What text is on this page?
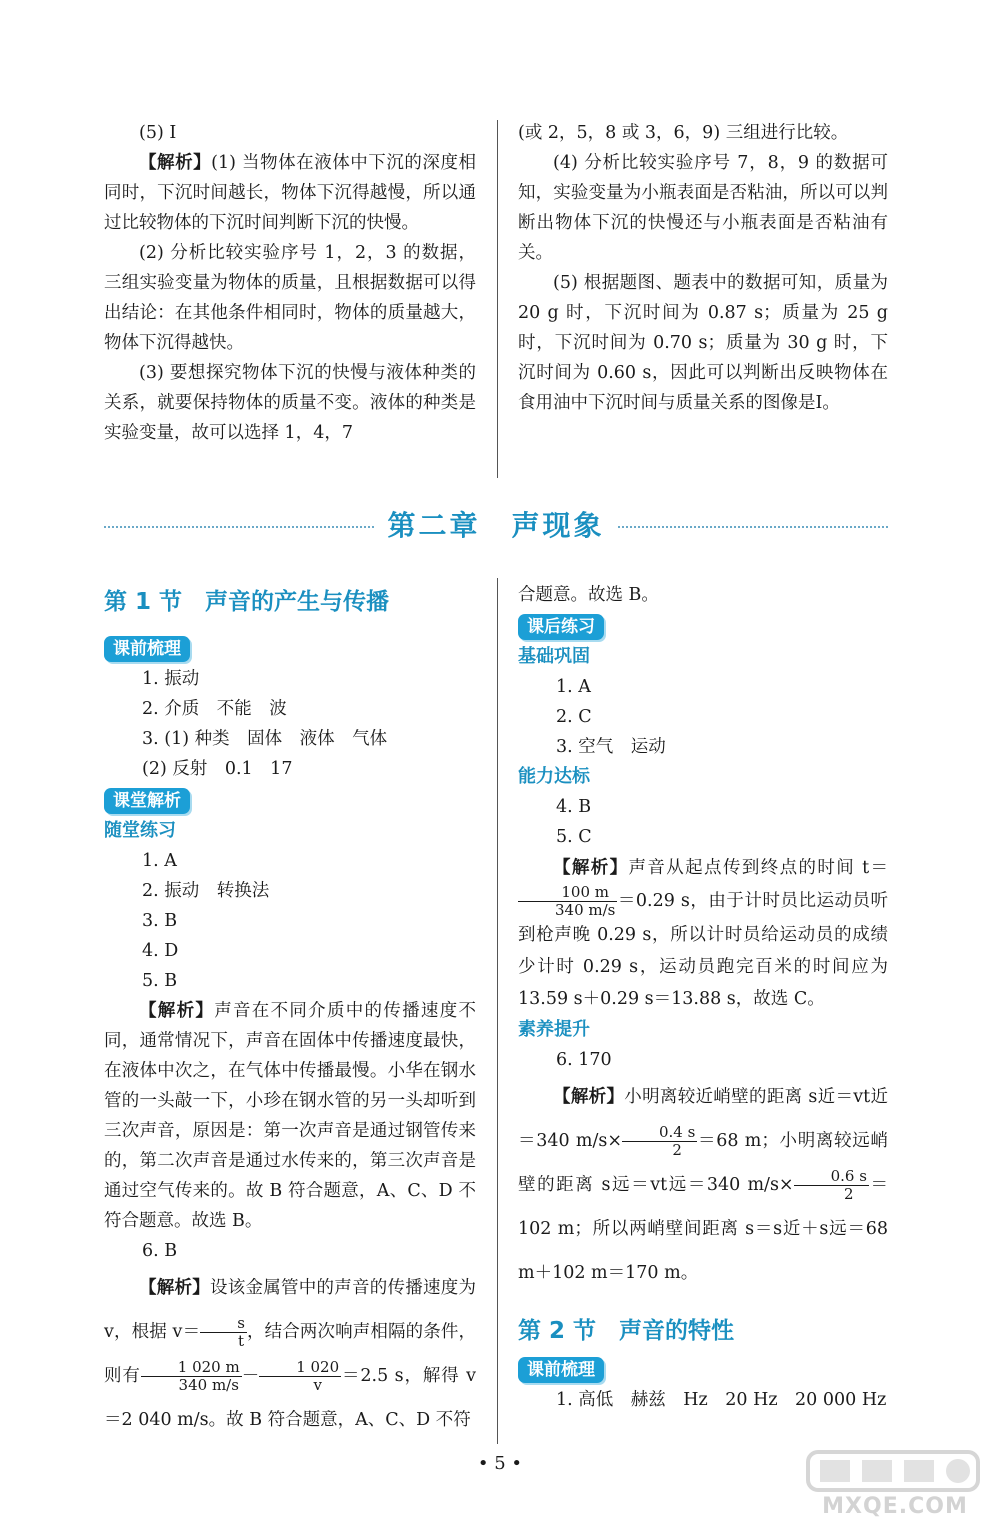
(5) Ⅰ

【解析】(1) 当物体在液体中下沉的深度相同时，下沉时间越长，物体下沉得越慢，所以通过比较物体的下沉时间判断下沉的快慢。

(2) 分析比较实验序号 1，2，3 的数据，三组实验变量为物体的质量，且根据数据可以得出结论：在其他条件相同时，物体的质量越大，物体下沉得越快。

(3) 要想探究物体下沉的快慢与液体种类的关系，就要保持物体的质量不变。液体的种类是实验变量，故可以选择 1，4，7

(或 2，5，8 或 3，6，9) 三组进行比较。

(4) 分析比较实验序号 7，8，9 的数据可知，实验变量为小瓶表面是否粘油，所以可以判断出物体下沉的快慢还与小瓶表面是否粘油有关。

(5) 根据题图、题表中的数据可知，质量为 20 g 时，下沉时间为 0.87 s；质量为 25 g 时，下沉时间为 0.70 s；质量为 30 g 时，下沉时间为 0.60 s，因此可以判断出反映物体在食用油中下沉时间与质量关系的图像是Ⅰ。

第二章　声现象

第 1 节　声音的产生与传播

课前梳理

1. 振动

2. 介质　不能　波

3. (1) 种类　固体　液体　气体

(2) 反射　0.1　17

课堂解析

随堂练习

1. A

2. 振动　转换法

3. B

4. D

5. B

【解析】声音在不同介质中的传播速度不同，通常情况下，声音在固体中传播速度最快，在液体中次之，在气体中传播最慢。小华在钢水管的一头敲一下，小珍在钢水管的另一头却听到三次声音，原因是：第一次声音是通过钢管传来的，第二次声音是通过水传来的，第三次声音是通过空气传来的。故 B 符合题意，A、C、D 不符合题意。故选 B。

6. B

【解析】设该金属管中的声音的传播速度为 v，根据 $v= \frac{s}{t}$ ，结合两次响声相隔的条件，则有 $\frac{1 020 m}{340 m/s} - \frac{1 020}{v} =2.5$ s，解得 v＝2 040 m/s。故 B 符合题意，A、C、D 不符

合题意。故选 B。

课后练习

基础巩固

1. A

2. C

3. 空气　运动

能力达标

4. B

5. C

【解析】声音从起点传到终点的时间 t＝
$\frac{100 m}{340 m/s} =0.29$ s，由于计时员比运动员听到枪声晚 0.29 s，所以计时员给运动员的成绩少计时 0.29 s，运动员跑完百米的时间应为 13.59 s＋0.29 s＝13.88 s，故选 C。

素养提升

6. 170

【解析】小明离较近峭壁的距离 s近＝vt近＝340 $m/s\times \frac{0.4 s}{2} =68$ m；小明离较远峭壁的距离 s远＝vt远＝340 $m/s\times \frac{0.6 s}{2} =102$ m；所以两峭壁间距离 s＝s近＋s远＝68 m＋102 m＝170 m。

第 2 节　声音的特性

课前梳理

1. 高低　赫兹　Hz　20 Hz　20 000 Hz

• 5 •
MXQE.COM
